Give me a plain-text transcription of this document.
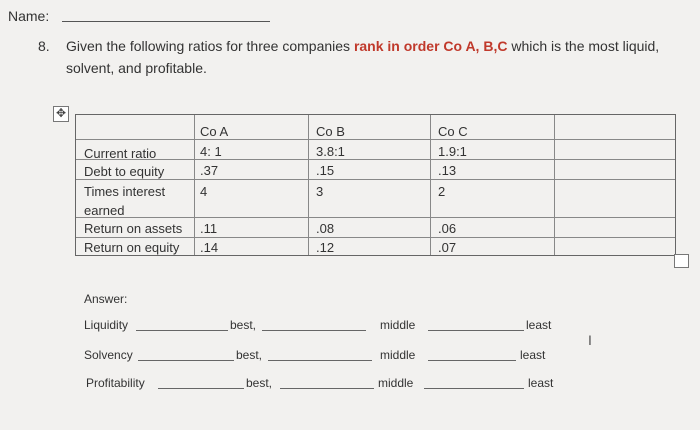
Name:
8. Given the following ratios for three companies rank in order Co A, B,C which is the most liquid,
solvent, and profitable.
✥
Co A	Co B	Co C
Current ratio	4: 1	3.8:1	1.9:1
Debt to equity	.37	.15	.13
Times interest
earned
4	3	2
Return on assets .11	.08	.06
Return on equity .14	.12	.07
Answer:
Liquidity	best,	middle	least
Solvency	best,	middle	least
Profitability	best,	middle	least
I
